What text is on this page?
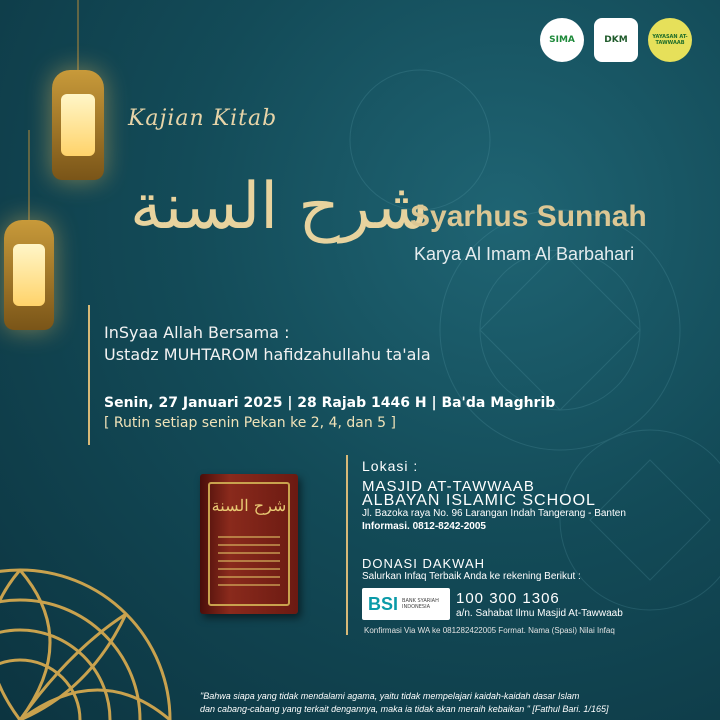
SIMA	DKM	YAYASAN AT-TAWWAAB
Kajian Kitab
شرح السنة
Syarhus Sunnah
Karya Al Imam Al Barbahari
InSyaa Allah Bersama :
Ustadz MUHTAROM hafidzahullahu ta'ala
Senin, 27 Januari 2025 | 28 Rajab 1446 H | Ba'da Maghrib
[ Rutin setiap senin Pekan ke 2, 4, dan 5 ]
شرح السنة
Lokasi :
MASJID AT-TAWWAAB
ALBAYAN ISLAMIC SCHOOL
Jl. Bazoka raya No. 96 Larangan Indah Tangerang - Banten
Informasi. 0812-8242-2005
DONASI DAKWAH
Salurkan Infaq Terbaik Anda ke rekening Berikut :
BSI BANK SYARIAH INDONESIA	100 300 1306
a/n. Sahabat Ilmu Masjid At-Tawwaab
Konfirmasi Via WA ke 081282422005 Format. Nama (Spasi) Nilai Infaq
"Bahwa siapa yang tidak mendalami agama, yaitu tidak mempelajari kaidah-kaidah dasar Islam
dan cabang-cabang yang terkait dengannya, maka ia tidak akan meraih kebaikan " [Fathul Bari. 1/165]
